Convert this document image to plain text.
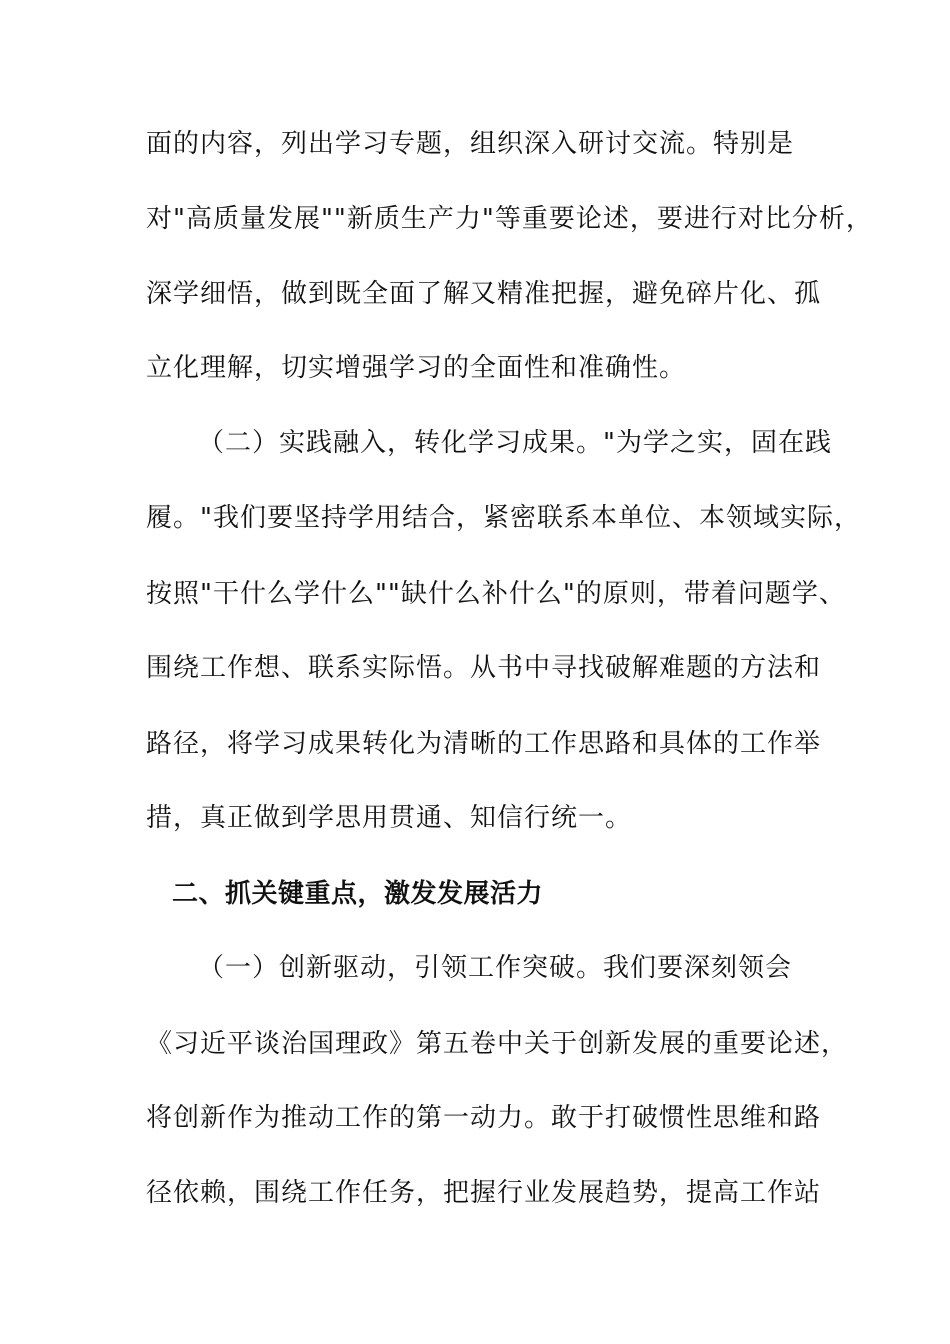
面的内容，列出学习专题，组织深入研讨交流。特别是
对"高质量发展""新质生产力"等重要论述，要进行对比分析，
深学细悟，做到既全面了解又精准把握，避免碎片化、孤
立化理解，切实增强学习的全面性和准确性。
（二）实践融入，转化学习成果。"为学之实，固在践
履。"我们要坚持学用结合，紧密联系本单位、本领域实际，
按照"干什么学什么""缺什么补什么"的原则，带着问题学、
围绕工作想、联系实际悟。从书中寻找破解难题的方法和
路径，将学习成果转化为清晰的工作思路和具体的工作举
措，真正做到学思用贯通、知信行统一。
二、抓关键重点，激发发展活力
（一）创新驱动，引领工作突破。我们要深刻领会
《习近平谈治国理政》第五卷中关于创新发展的重要论述，
将创新作为推动工作的第一动力。敢于打破惯性思维和路
径依赖，围绕工作任务，把握行业发展趋势，提高工作站
